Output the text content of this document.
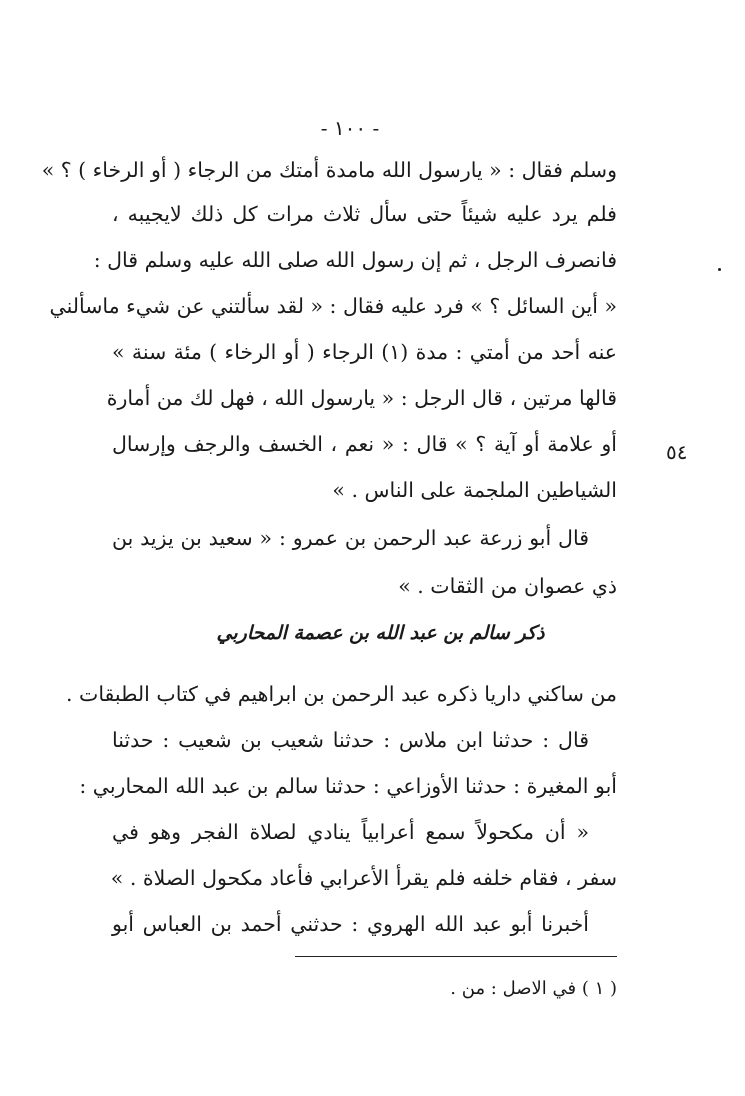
- ١٠٠ -
وسلم فقال : « يارسول الله مامدة أمتك من الرجاء ( أو الرخاء ) ؟ »
فلم يرد عليه شيئاً حتى سأل ثلاث مرات كل ذلك لايجيبه ،
فانصرف الرجل ، ثم إن رسول الله صلى الله عليه وسلم قال :
« أين السائل ؟ » فرد عليه فقال : « لقد سألتني عن شيء ماسألني
عنه أحد من أمتي : مدة (١) الرجاء ( أو الرخاء ) مئة سنة »
قالها مرتين ، قال الرجل : « يارسول الله ، فهل لك من أمارة
أو علامة أو آية ؟ » قال : « نعم ، الخسف والرجف وإرسال
الشياطين الملجمة على الناس . »
قال أبو زرعة عبد الرحمن بن عمرو : « سعيد بن يزيد بن
ذي عصوان من الثقات . »
٥٤
ذكر سالم بن عبد الله بن عصمة المحاربي
من ساكني داريا ذكره عبد الرحمن بن ابراهيم في كتاب الطبقات .
قال : حدثنا ابن ملاس : حدثنا شعيب بن شعيب : حدثنا
أبو المغيرة : حدثنا الأوزاعي : حدثنا سالم بن عبد الله المحاربي :
« أن مكحولاً سمع أعرابياً ينادي لصلاة الفجر وهو في
سفر ، فقام خلفه فلم يقرأ الأعرابي فأعاد مكحول الصلاة . »
أخبرنا أبو عبد الله الهروي : حدثني أحمد بن العباس أبو
( ١ ) في الاصل : من .
